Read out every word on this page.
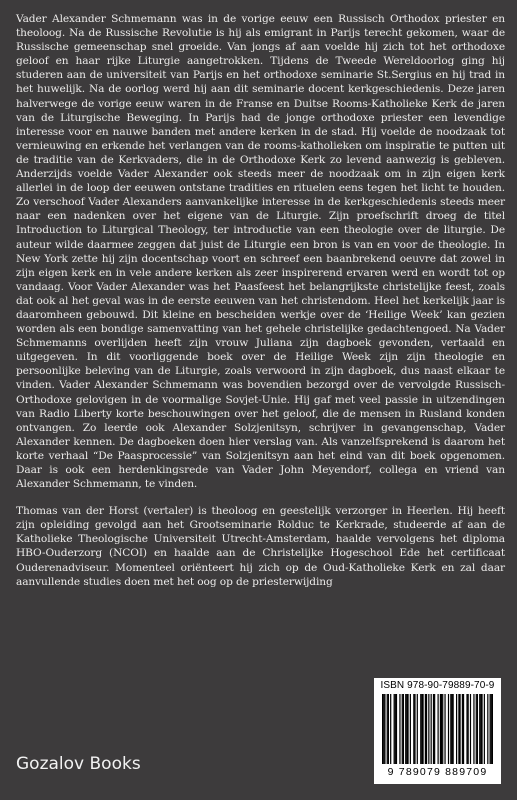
Vader Alexander Schmemann was in de vorige eeuw een Russisch Orthodox priester en theoloog. Na de Russische Revolutie is hij als emigrant in Parijs terecht gekomen, waar de Russische gemeenschap snel groeide. Van jongs af aan voelde hij zich tot het orthodoxe geloof en haar rijke Liturgie aangetrokken. Tijdens de Tweede Wereldoorlog ging hij studeren aan de universiteit van Parijs en het orthodoxe seminarie St.Sergius en hij trad in het huwelijk. Na de oorlog werd hij aan dit seminarie docent kerkgeschiedenis. Deze jaren halverwege de vorige eeuw waren in de Franse en Duitse Rooms-Katholieke Kerk de jaren van de Liturgische Beweging. In Parijs had de jonge orthodoxe priester een levendige interesse voor en nauwe banden met andere kerken in de stad. Hij voelde de noodzaak tot vernieuwing en erkende het verlangen van de rooms-katholieken om inspiratie te putten uit de traditie van de Kerkvaders, die in de Orthodoxe Kerk zo levend aanwezig is gebleven. Anderzijds voelde Vader Alexander ook steeds meer de noodzaak om in zijn eigen kerk allerlei in de loop der eeuwen ontstane tradities en rituelen eens tegen het licht te houden. Zo verschoof Vader Alexanders aanvankelijke interesse in de kerkgeschiedenis steeds meer naar een nadenken over het eigene van de Liturgie. Zijn proefschrift droeg de titel Introduction to Liturgical Theology, ter introductie van een theologie over de liturgie. De auteur wilde daarmee zeggen dat juist de Liturgie een bron is van en voor de theologie. In New York zette hij zijn docentschap voort en schreef een baanbrekend oeuvre dat zowel in zijn eigen kerk en in vele andere kerken als zeer inspirerend ervaren werd en wordt tot op vandaag. Voor Vader Alexander was het Paasfeest het belangrijkste christelijke feest, zoals dat ook al het geval was in de eerste eeuwen van het christendom. Heel het kerkelijk jaar is daaromheen gebouwd. Dit kleine en bescheiden werkje over de ‘Heilige Week’ kan gezien worden als een bondige samenvatting van het gehele christelijke gedachtengoed. Na Vader Schmemanns overlijden heeft zijn vrouw Juliana zijn dagboek gevonden, vertaald en uitgegeven. In dit voorliggende boek over de Heilige Week zijn zijn theologie en persoonlijke beleving van de Liturgie, zoals verwoord in zijn dagboek, dus naast elkaar te vinden. Vader Alexander Schmemann was bovendien bezorgd over de vervolgde Russisch-Orthodoxe gelovigen in de voormalige Sovjet-Unie. Hij gaf met veel passie in uitzendingen van Radio Liberty korte beschouwingen over het geloof, die de mensen in Rusland konden ontvangen. Zo leerde ook Alexander Solzjenitsyn, schrijver in gevangenschap, Vader Alexander kennen. De dagboeken doen hier verslag van. Als vanzelfsprekend is daarom het korte verhaal “De Paasprocessie” van Solzjenitsyn aan het eind van dit boek opgenomen. Daar is ook een herdenkingsrede van Vader John Meyendorf, collega en vriend van Alexander Schmemann, te vinden.

Thomas van der Horst (vertaler) is theoloog en geestelijk verzorger in Heerlen. Hij heeft zijn opleiding gevolgd aan het Grootseminarie Rolduc te Kerkrade, studeerde af aan de Katholieke Theologische Universiteit Utrecht-Amsterdam, haalde vervolgens het diploma HBO-Ouderzorg (NCOI) en haalde aan de Christelijke Hogeschool Ede het certificaat Ouderenadviseur. Momenteel oriënteert hij zich op de Oud-Katholieke Kerk en zal daar aanvullende studies doen met het oog op de priesterwijding

ISBN 978-90-79889-70-9
9 789079 889709
Gozalov Books
